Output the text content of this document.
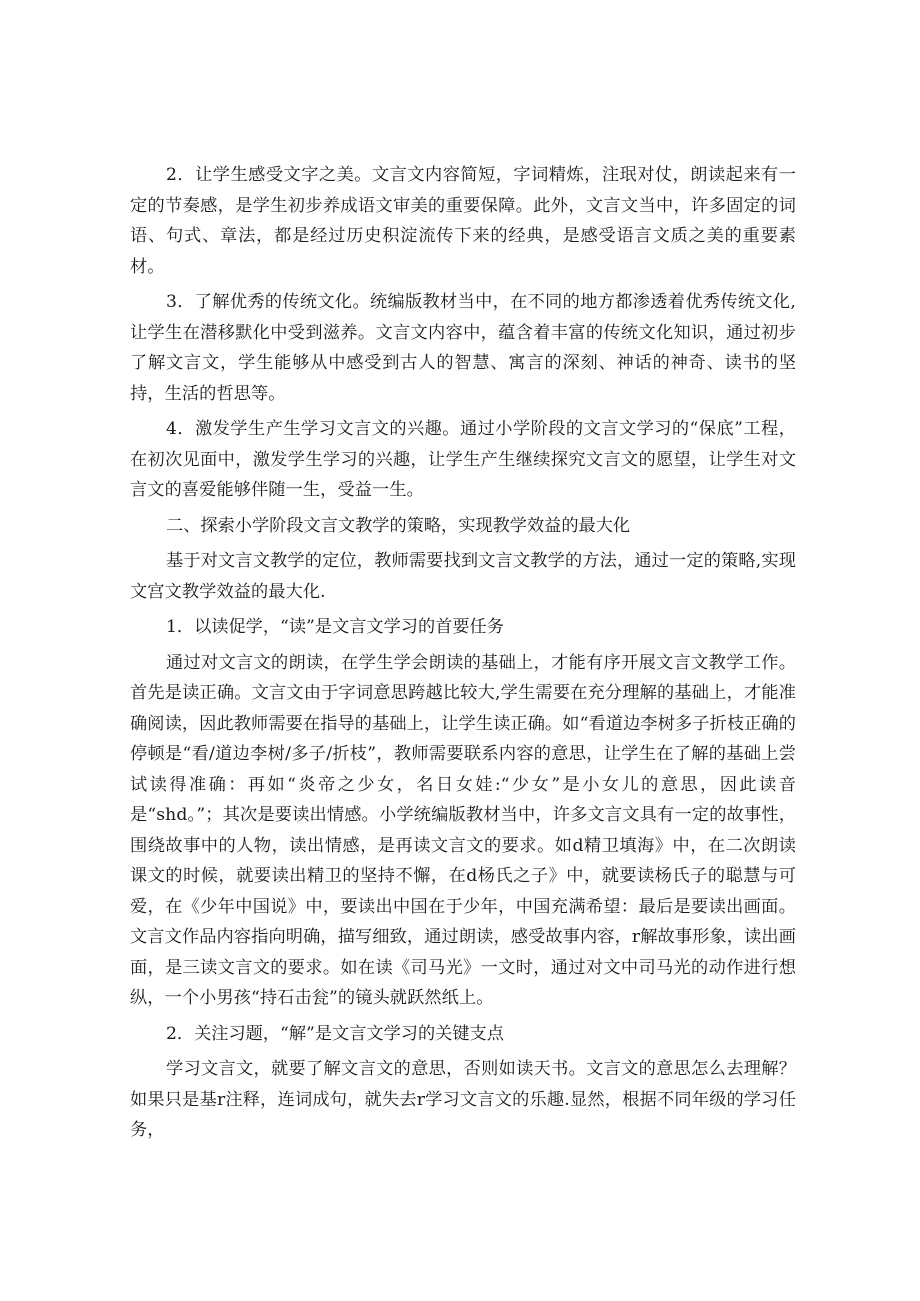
2．让学生感受文字之美。文言文内容简短，字词精炼，注珉对仗，朗读起来有一定的节奏感，是学生初步养成语文审美的重要保障。此外，文言文当中，许多固定的词语、句式、章法，都是经过历史积淀流传下来的经典，是感受语言文质之美的重要素材。

3．了解优秀的传统文化。统编版教材当中，在不同的地方都渗透着优秀传统文化,让学生在潜移默化中受到滋养。文言文内容中，蕴含着丰富的传统文化知识，通过初步了解文言文，学生能够从中感受到古人的智慧、寓言的深刻、神话的神奇、读书的坚持，生活的哲思等。

4．激发学生产生学习文言文的兴趣。通过小学阶段的文言文学习的“保底”工程，在初次见面中，激发学生学习的兴趣，让学生产生继续探究文言文的愿望，让学生对文言文的喜爱能够伴随一生，受益一生。

二、探索小学阶段文言文教学的策略，实现教学效益的最大化

基于对文言文教学的定位，教师需要找到文言文教学的方法，通过一定的策略,实现文宫文教学效益的最大化.

1．以读促学，“读”是文言文学习的首要任务

通过对文言文的朗读，在学生学会朗读的基础上，才能有序开展文言文教学工作。首先是读正确。文言文由于字词意思跨越比较大,学生需要在充分理解的基础上，才能准确阅读，因此教师需要在指导的基础上，让学生读正确。如“看道边李树多子折枝正确的停顿是“看/道边李树/多子/折枝”，教师需要联系内容的意思，让学生在了解的基础上尝试读得准确：再如“炎帝之少女，名日女娃:“少女”是小女儿的意思，因此读音是“shd。”；其次是要读出情感。小学统编版教材当中，许多文言文具有一定的故事性，围绕故事中的人物，读出情感，是再读文言文的要求。如d精卫填海》中，在二次朗读课文的时候，就要读出精卫的坚持不懈，在d杨氏之子》中，就要读杨氏子的聪慧与可爱，在《少年中国说》中，要读出中国在于少年，中国充满希望：最后是要读出画面。文言文作品内容指向明确，描写细致，通过朗读，感受故事内容，r解故事形象，读出画面，是三读文言文的要求。如在读《司马光》一文时，通过对文中司马光的动作进行想纵，一个小男孩“持石击瓮”的镜头就跃然纸上。

2．关注习题，“解”是文言文学习的关键支点

学习文言文，就要了解文言文的意思，否则如读天书。文言文的意思怎么去理解？如果只是基r注释，连词成句，就失去r学习文言文的乐趣.显然，根据不同年级的学习任务，
